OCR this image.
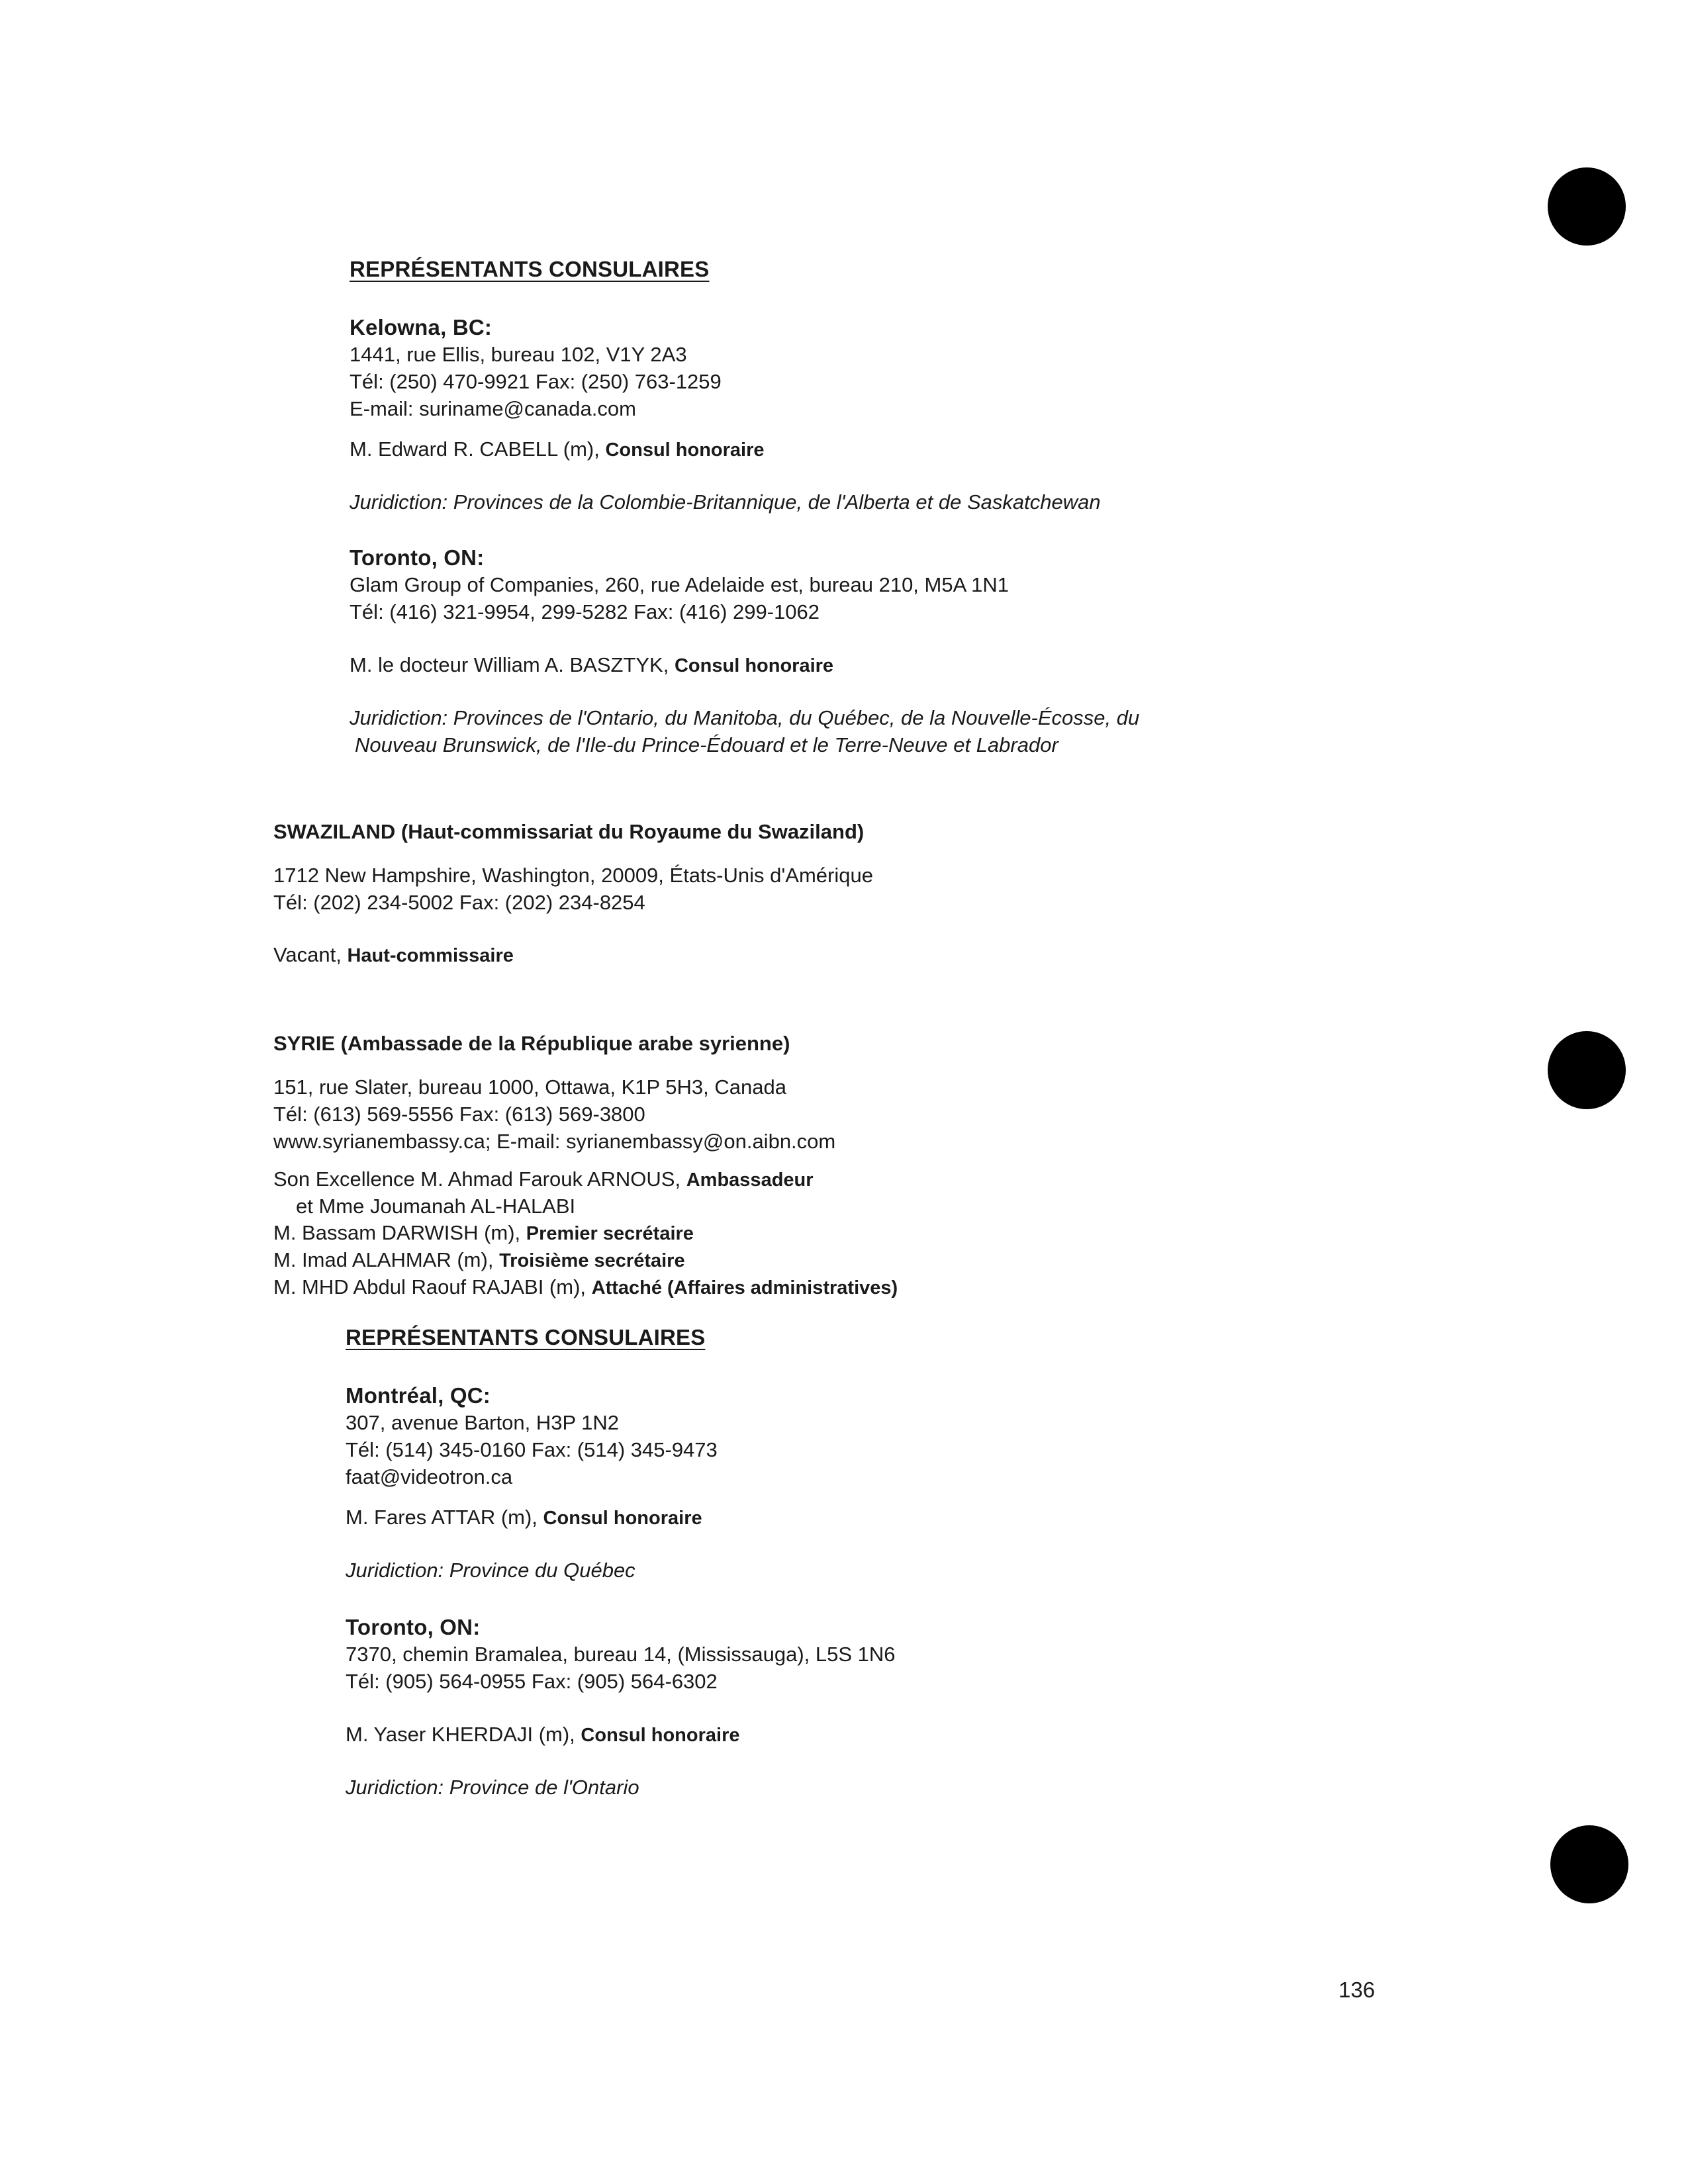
REPRÉSENTANTS CONSULAIRES
Kelowna, BC:
1441, rue Ellis, bureau 102, V1Y 2A3
Tél: (250) 470-9921 Fax: (250) 763-1259
E-mail: suriname@canada.com
M. Edward R. CABELL (m), Consul honoraire
Juridiction: Provinces de la Colombie-Britannique, de l'Alberta et de Saskatchewan
Toronto, ON:
Glam Group of Companies, 260, rue Adelaide est, bureau 210, M5A 1N1
Tél: (416) 321-9954, 299-5282 Fax: (416) 299-1062
M. le docteur William A. BASZTYK, Consul honoraire
Juridiction: Provinces de l'Ontario, du Manitoba, du Québec, de la Nouvelle-Écosse, du
Nouveau Brunswick, de l'Ile-du Prince-Édouard et le Terre-Neuve et Labrador
SWAZILAND (Haut-commissariat du Royaume du Swaziland)
1712 New Hampshire, Washington, 20009, États-Unis d'Amérique
Tél: (202) 234-5002 Fax: (202) 234-8254
Vacant, Haut-commissaire
SYRIE (Ambassade de la République arabe syrienne)
151, rue Slater, bureau 1000, Ottawa, K1P 5H3, Canada
Tél: (613) 569-5556 Fax: (613) 569-3800
www.syrianembassy.ca; E-mail: syrianembassy@on.aibn.com
Son Excellence M. Ahmad Farouk ARNOUS, Ambassadeur
et Mme Joumanah AL-HALABI
M. Bassam DARWISH (m), Premier secrétaire
M. Imad ALAHMAR (m), Troisième secrétaire
M. MHD Abdul Raouf RAJABI (m), Attaché (Affaires administratives)
REPRÉSENTANTS CONSULAIRES
Montréal, QC:
307, avenue Barton, H3P 1N2
Tél: (514) 345-0160 Fax: (514) 345-9473
faat@videotron.ca
M. Fares ATTAR (m), Consul honoraire
Juridiction: Province du Québec
Toronto, ON:
7370, chemin Bramalea, bureau 14, (Mississauga), L5S 1N6
Tél: (905) 564-0955 Fax: (905) 564-6302
M. Yaser KHERDAJI (m), Consul honoraire
Juridiction: Province de l'Ontario
136
